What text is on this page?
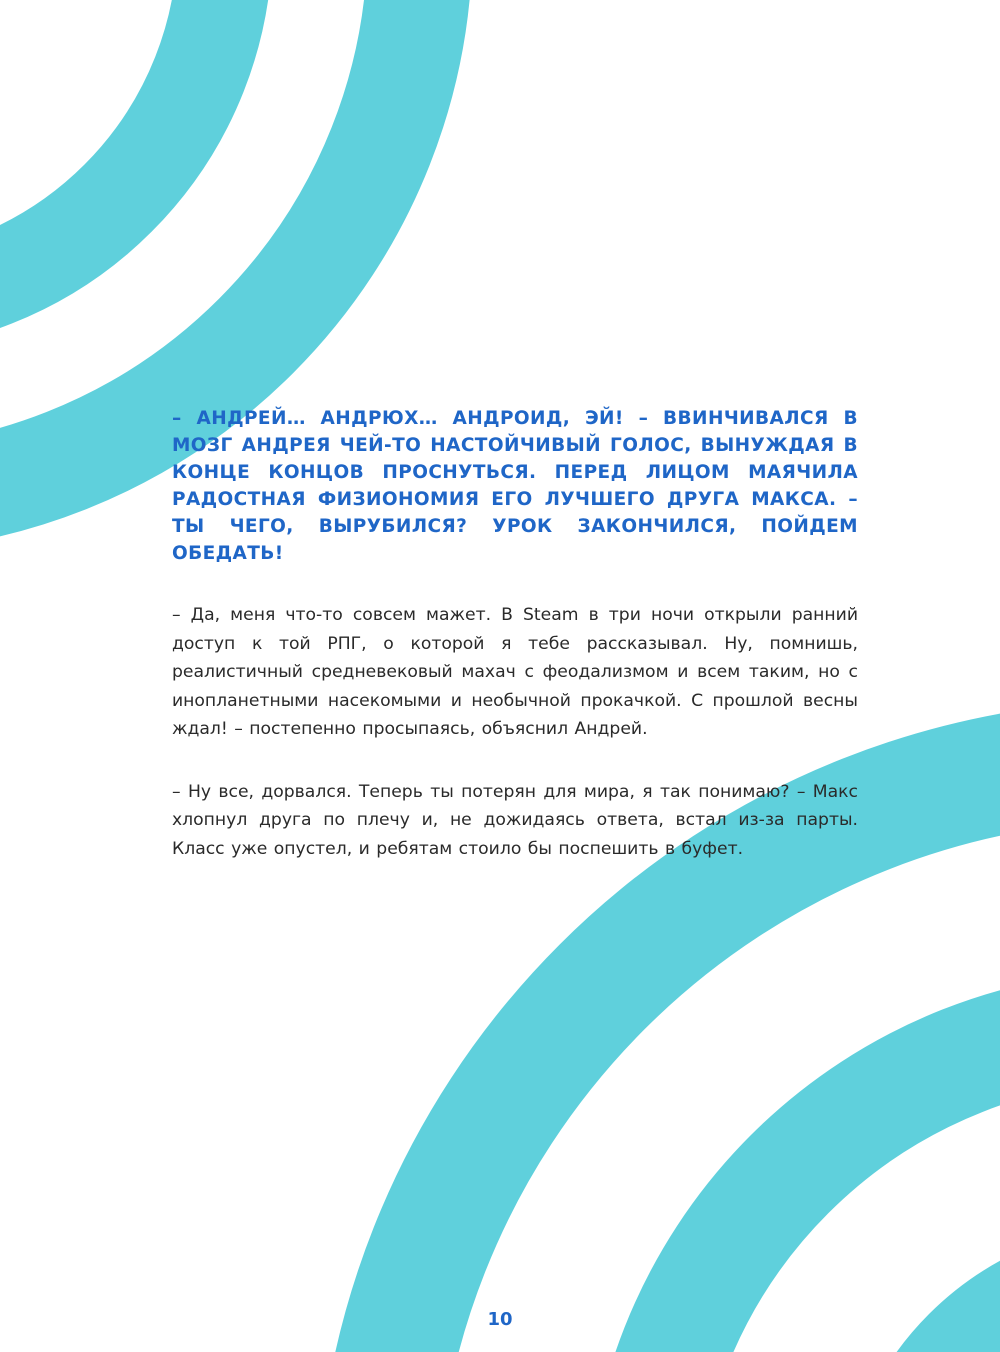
– АНДРЕЙ… АНДРЮХ… АНДРОИД, ЭЙ! – ВВИНЧИВАЛСЯ В МОЗГ АНДРЕЯ ЧЕЙ-ТО НАСТОЙЧИВЫЙ ГОЛОС, ВЫНУЖДАЯ В КОНЦЕ КОНЦОВ ПРОСНУТЬСЯ. ПЕРЕД ЛИЦОМ МАЯЧИЛА РАДОСТНАЯ ФИЗИОНОМИЯ ЕГО ЛУЧШЕГО ДРУГА МАКСА. – ТЫ ЧЕГО, ВЫРУБИЛСЯ? УРОК ЗАКОНЧИЛСЯ, ПОЙДЕМ ОБЕДАТЬ!

– Да, меня что-то совсем мажет. В Steam в три ночи открыли ранний доступ к той РПГ, о которой я тебе рассказывал. Ну, помнишь, реалистичный средневековый махач с феодализмом и всем таким, но с инопланетными насекомыми и необычной прокачкой. С прошлой весны ждал! – постепенно просыпаясь, объяснил Андрей.

– Ну все, дорвался. Теперь ты потерян для мира, я так понимаю? – Макс хлопнул друга по плечу и, не дожидаясь ответа, встал из-за парты. Класс уже опустел, и ребятам стоило бы поспешить в буфет.

10
